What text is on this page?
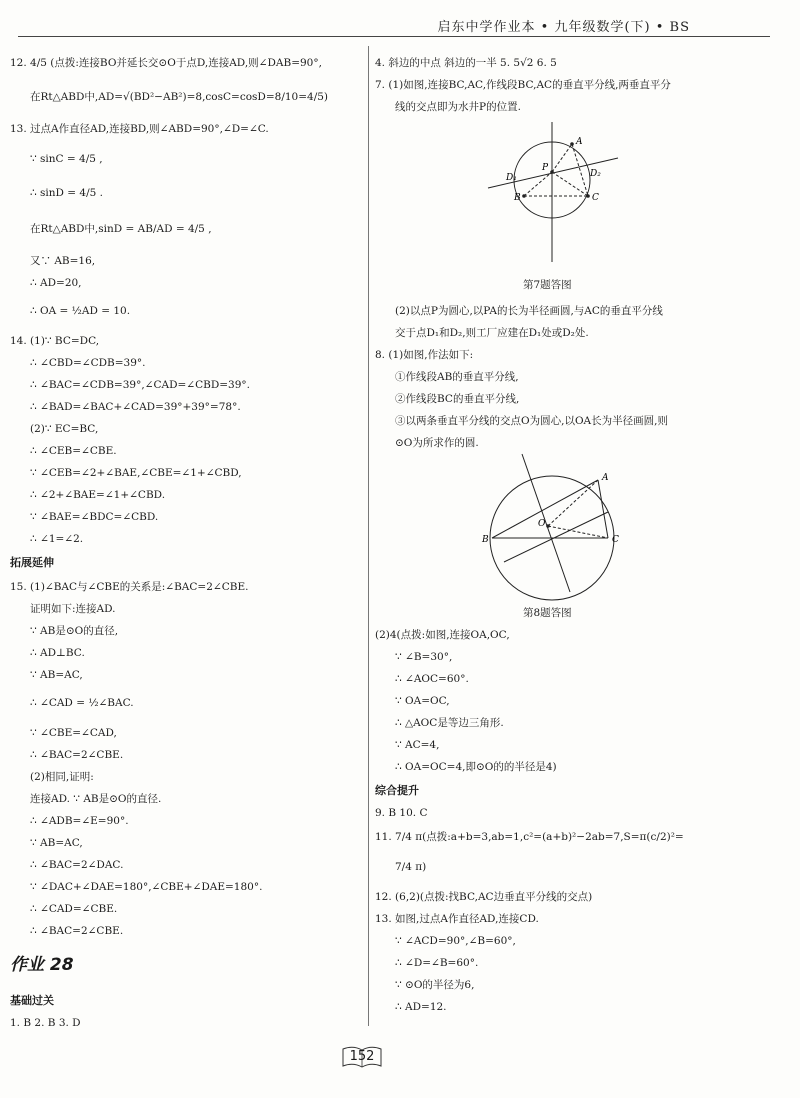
启东中学作业本 • 九年级数学(下) • BS
12. 4/5 (点拨:连接BO并延长交⊙O于点D,连接AD,则∠DAB=90°,
在Rt△ABD中,AD=√(BD²−AB²)=8,cosC=cosD=8/10=4/5)
13. 过点A作直径AD,连接BD,则∠ABD=90°,∠D=∠C.
∵ sinC = 4/5 ,
∴ sinD = 4/5 .
在Rt△ABD中,sinD = AB/AD = 4/5 ,
又∵ AB=16,
∴ AD=20,
∴ OA = ½AD = 10.
14. (1)∵ BC=DC,
∴ ∠CBD=∠CDB=39°.
∴ ∠BAC=∠CDB=39°,∠CAD=∠CBD=39°.
∴ ∠BAD=∠BAC+∠CAD=39°+39°=78°.
(2)∵ EC=BC,
∴ ∠CEB=∠CBE.
∵ ∠CEB=∠2+∠BAE,∠CBE=∠1+∠CBD,
∴ ∠2+∠BAE=∠1+∠CBD.
∵ ∠BAE=∠BDC=∠CBD.
∴ ∠1=∠2.
拓展延伸
15. (1)∠BAC与∠CBE的关系是:∠BAC=2∠CBE.
证明如下:连接AD.
∵ AB是⊙O的直径,
∴ AD⊥BC.
∵ AB=AC,
∴ ∠CAD = ½∠BAC.
∵ ∠CBE=∠CAD,
∴ ∠BAC=2∠CBE.
(2)相同,证明:
连接AD. ∵ AB是⊙O的直径.
∴ ∠ADB=∠E=90°.
∵ AB=AC,
∴ ∠BAC=2∠DAC.
∵ ∠DAC+∠DAE=180°,∠CBE+∠DAE=180°.
∴ ∠CAD=∠CBE.
∴ ∠BAC=2∠CBE.
作业 28
基础过关
1. B 2. B 3. D
4. 斜边的中点 斜边的一半 5. 5√2 6. 5
7. (1)如图,连接BC,AC,作线段BC,AC的垂直平分线,两垂直平分
线的交点即为水井P的位置.
A
B	C
P
D₁	D₂
第7题答图
(2)以点P为圆心,以PA的长为半径画圆,与AC的垂直平分线
交于点D₁和D₂,则工厂应建在D₁处或D₂处.
8. (1)如图,作法如下:
①作线段AB的垂直平分线,
②作线段BC的垂直平分线,
③以两条垂直平分线的交点O为圆心,以OA长为半径画圆,则
⊙O为所求作的圆.
A
B	C
O
第8题答图
(2)4(点拨:如图,连接OA,OC,
∵ ∠B=30°,
∴ ∠AOC=60°.
∵ OA=OC,
∴ △AOC是等边三角形.
∵ AC=4,
∴ OA=OC=4,即⊙O的的半径是4)
综合提升
9. B 10. C
11. 7/4 π(点拨:a+b=3,ab=1,c²=(a+b)²−2ab=7,S=π(c/2)²=
7/4 π)
12. (6,2)(点拨:找BC,AC边垂直平分线的交点)
13. 如图,过点A作直径AD,连接CD.
∵ ∠ACD=90°,∠B=60°,
∴ ∠D=∠B=60°.
∵ ⊙O的半径为6,
∴ AD=12.
152
